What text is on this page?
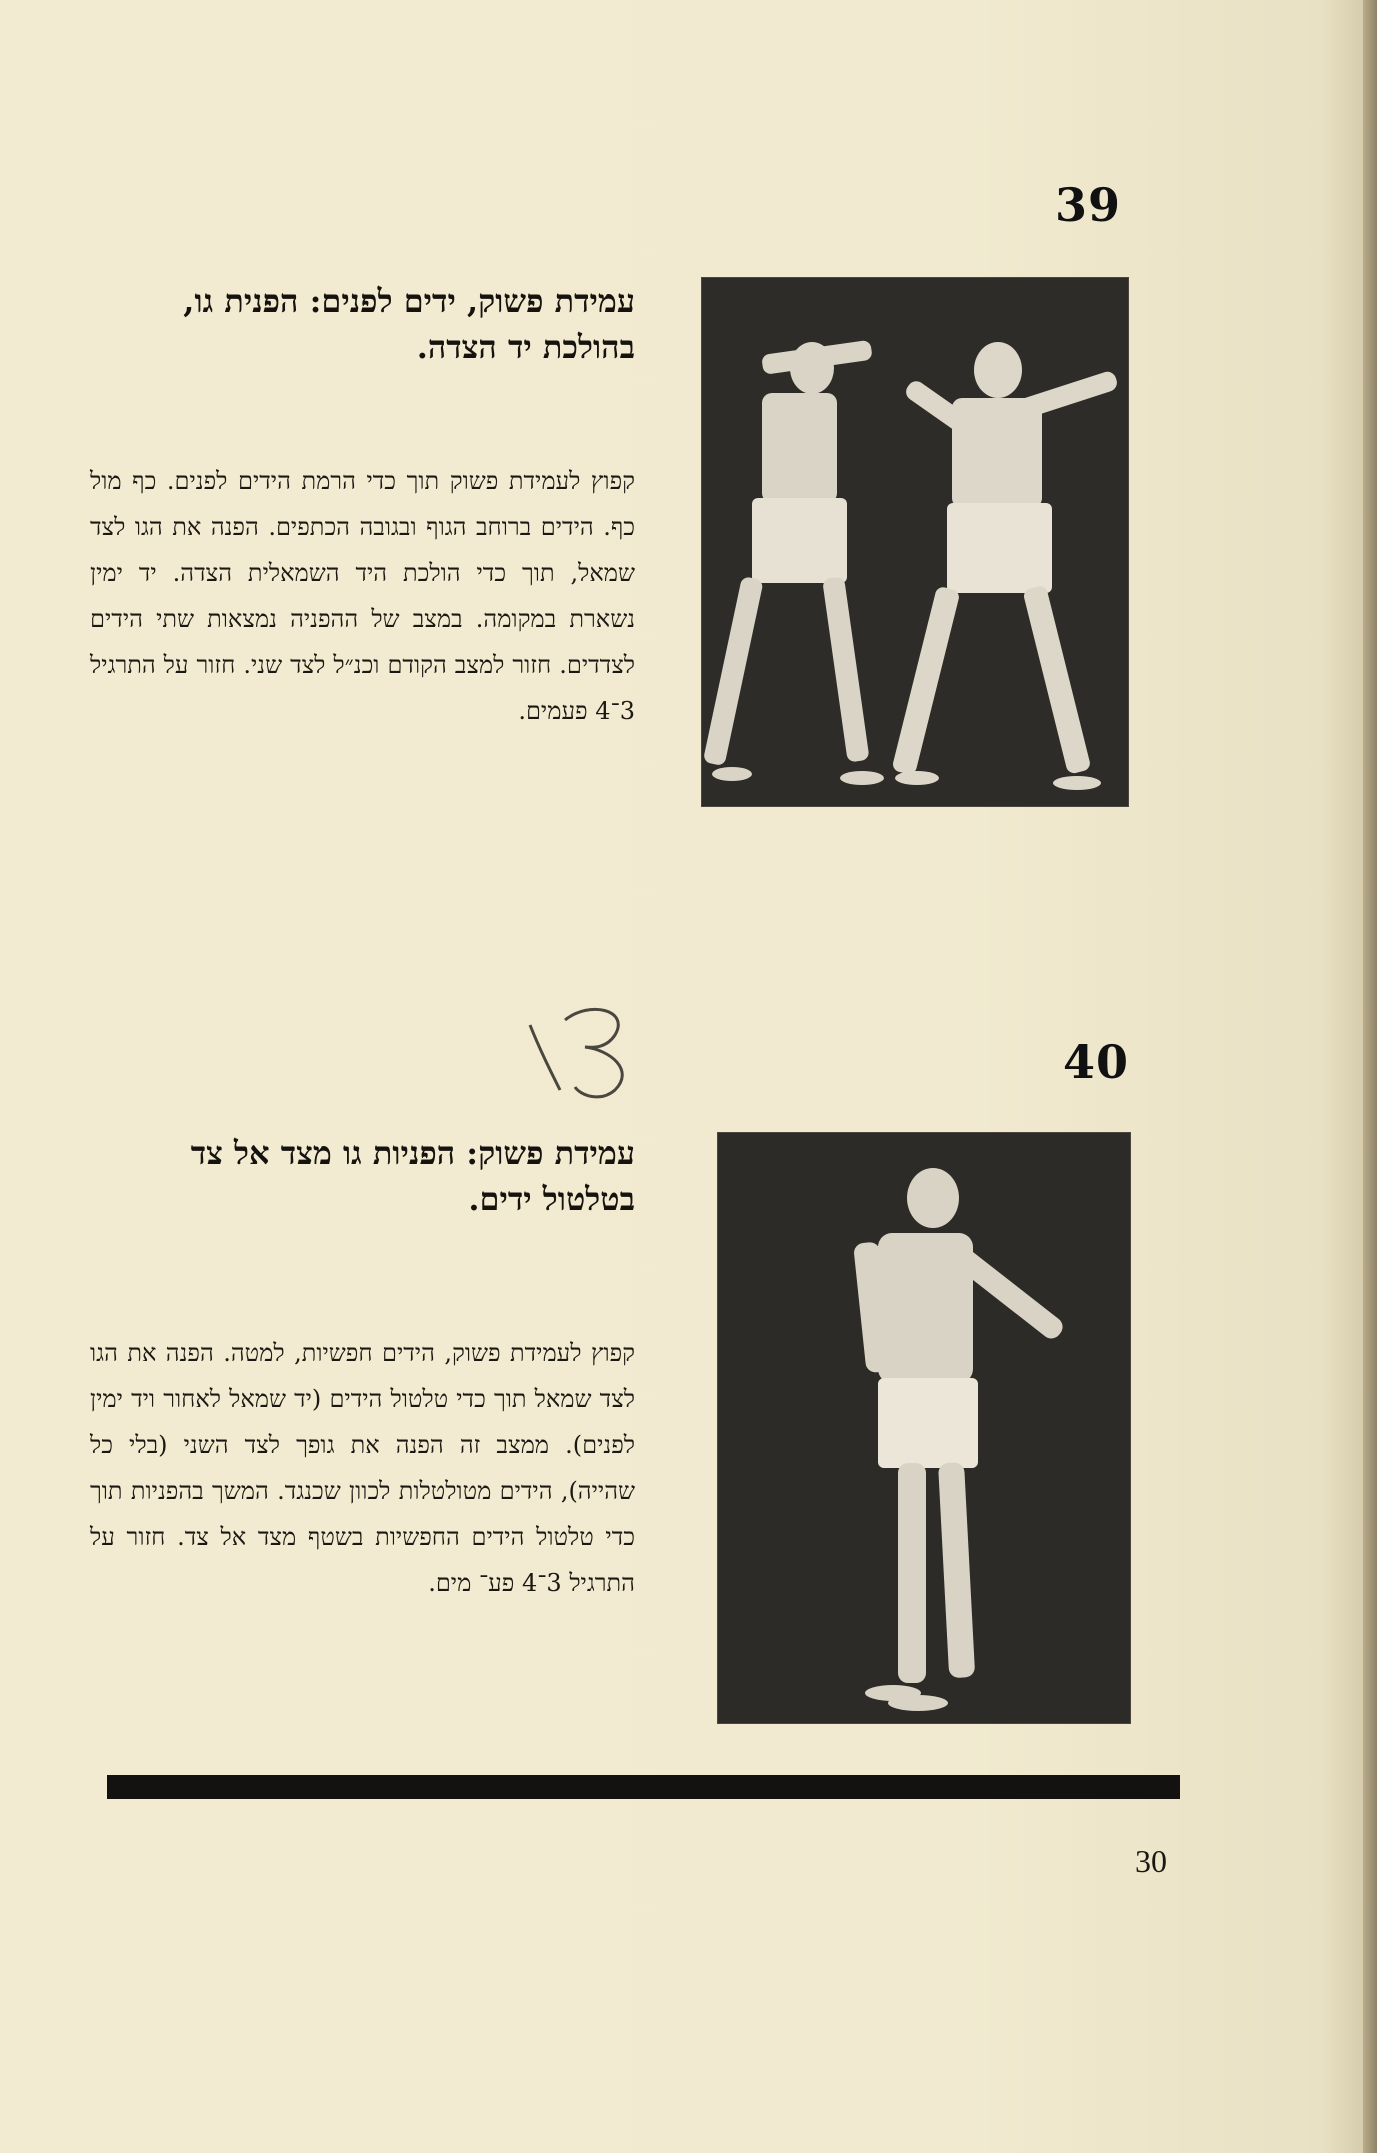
39
עמידת פשוק, ידים לפנים: הפנית גו, בהולכת יד הצדה.
קפוץ לעמידת פשוק תוך כדי הרמת הידים לפנים. כף מול כף. הידים ברוחב הגוף ובגובה הכתפים. הפנה את הגו לצד שמאל, תוך כדי הולכת היד השמאלית הצדה. יד ימין נשארת במקומה. במצב של ההפניה נמצאות שתי הידים לצדדים. חזור למצב הקודם וכנ״ל לצד שני. חזור על התרגיל 3־4 פעמים.
40
עמידת פשוק: הפניות גו מצד אל צד בטלטול ידים.
קפוץ לעמידת פשוק, הידים חפשיות, למטה. הפנה את הגו לצד שמאל תוך כדי טלטול הידים (יד שמאל לאחור ויד ימין לפנים). ממצב זה הפנה את גופך לצד השני (בלי כל שהייה), הידים מטולטלות לכוון שכנגד. המשך בהפניות תוך כדי טלטול הידים החפשיות בשטף מצד אל צד. חזור על התרגיל 3־4 פע־ מים.
30
